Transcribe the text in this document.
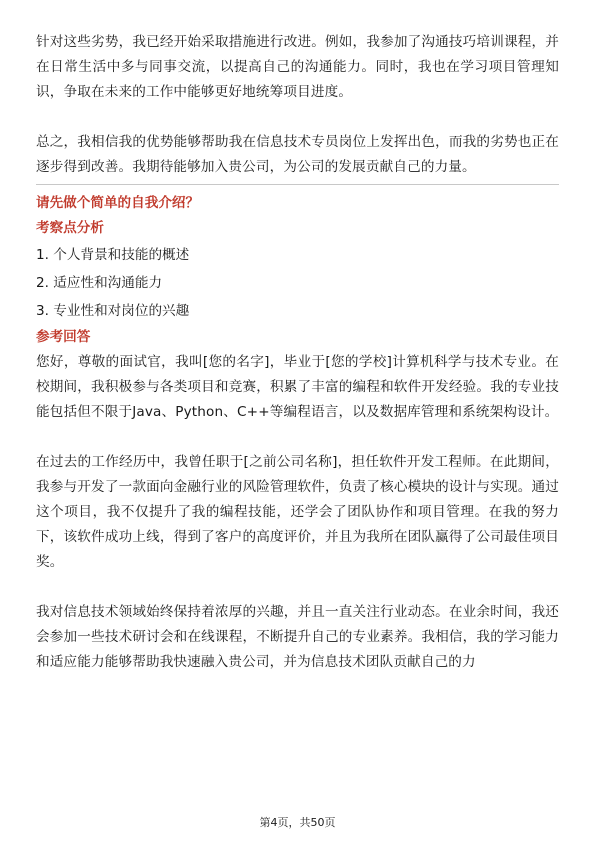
针对这些劣势，我已经开始采取措施进行改进。例如，我参加了沟通技巧培训课程，并在日常生活中多与同事交流，以提高自己的沟通能力。同时，我也在学习项目管理知识，争取在未来的工作中能够更好地统筹项目进度。

总之，我相信我的优势能够帮助我在信息技术专员岗位上发挥出色，而我的劣势也正在逐步得到改善。我期待能够加入贵公司，为公司的发展贡献自己的力量。

请先做个简单的自我介绍？

考察点分析

1. 个人背景和技能的概述
2. 适应性和沟通能力
3. 专业性和对岗位的兴趣

参考回答

您好，尊敬的面试官，我叫[您的名字]，毕业于[您的学校]计算机科学与技术专业。在校期间，我积极参与各类项目和竞赛，积累了丰富的编程和软件开发经验。我的专业技能包括但不限于Java、Python、C++等编程语言，以及数据库管理和系统架构设计。

在过去的工作经历中，我曾任职于[之前公司名称]，担任软件开发工程师。在此期间，我参与开发了一款面向金融行业的风险管理软件，负责了核心模块的设计与实现。通过这个项目，我不仅提升了我的编程技能，还学会了团队协作和项目管理。在我的努力下，该软件成功上线，得到了客户的高度评价，并且为我所在团队赢得了公司最佳项目奖。

我对信息技术领域始终保持着浓厚的兴趣，并且一直关注行业动态。在业余时间，我还会参加一些技术研讨会和在线课程，不断提升自己的专业素养。我相信，我的学习能力和适应能力能够帮助我快速融入贵公司，并为信息技术团队贡献自己的力

第4页，共50页
